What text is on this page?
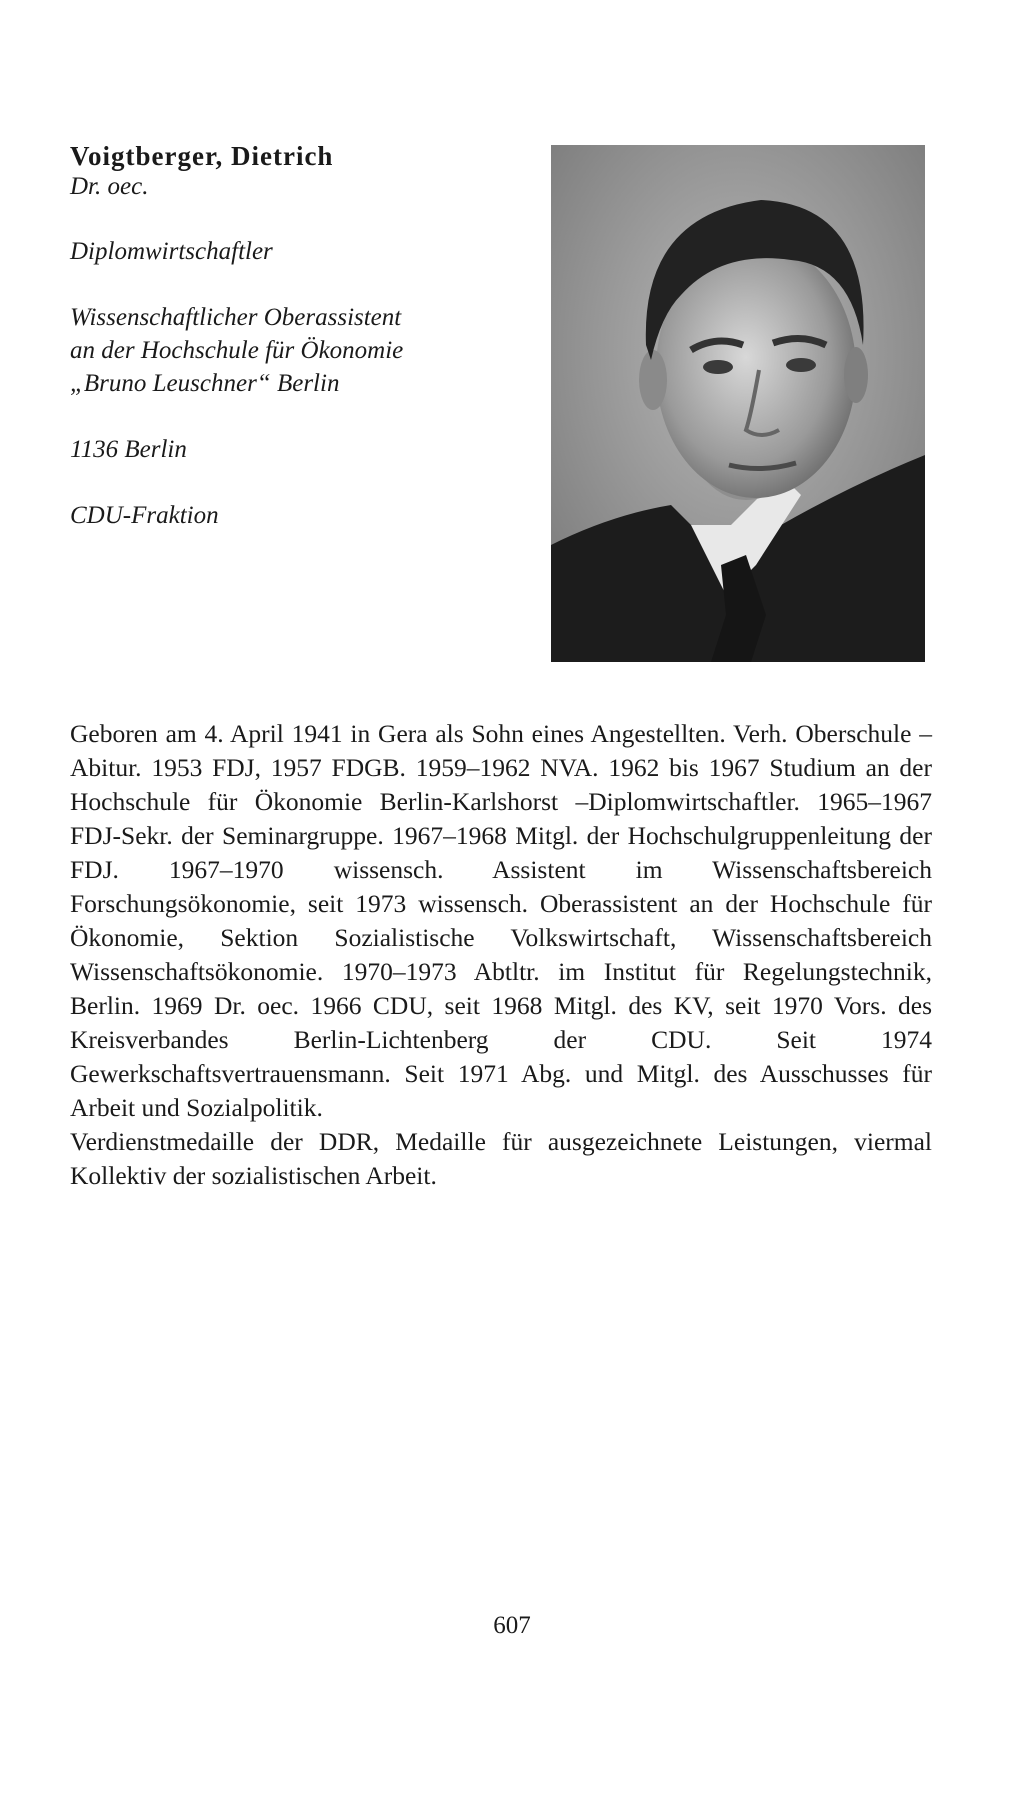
Voigtberger, Dietrich

Dr. oec.

Diplomwirtschaftler

Wissenschaftlicher Oberassistent

an der Hochschule für Ökonomie

„Bruno Leuschner“ Berlin

1136 Berlin

CDU-Fraktion

Geboren am 4. April 1941 in Gera als Sohn eines Angestellten. Verh. Oberschule – Abitur. 1953 FDJ, 1957 FDGB. 1959–1962 NVA. 1962 bis 1967 Studium an der Hochschule für Ökonomie Berlin-Karlshorst –Diplomwirtschaftler. 1965–1967 FDJ-Sekr. der Seminargruppe. 1967–1968 Mitgl. der Hochschulgruppenleitung der FDJ. 1967–1970 wissensch. Assistent im Wissenschaftsbereich Forschungsökonomie, seit 1973 wissensch. Oberassistent an der Hochschule für Ökonomie, Sektion Sozialistische Volkswirtschaft, Wissenschaftsbereich Wissenschaftsökonomie. 1970–1973 Abtltr. im Institut für Regelungstechnik, Berlin. 1969 Dr. oec. 1966 CDU, seit 1968 Mitgl. des KV, seit 1970 Vors. des Kreisverbandes Berlin-Lichtenberg der CDU. Seit 1974 Gewerkschaftsvertrauensmann. Seit 1971 Abg. und Mitgl. des Ausschusses für Arbeit und Sozialpolitik.

Verdienstmedaille der DDR, Medaille für ausgezeichnete Leistungen, viermal Kollektiv der sozialistischen Arbeit.

607
